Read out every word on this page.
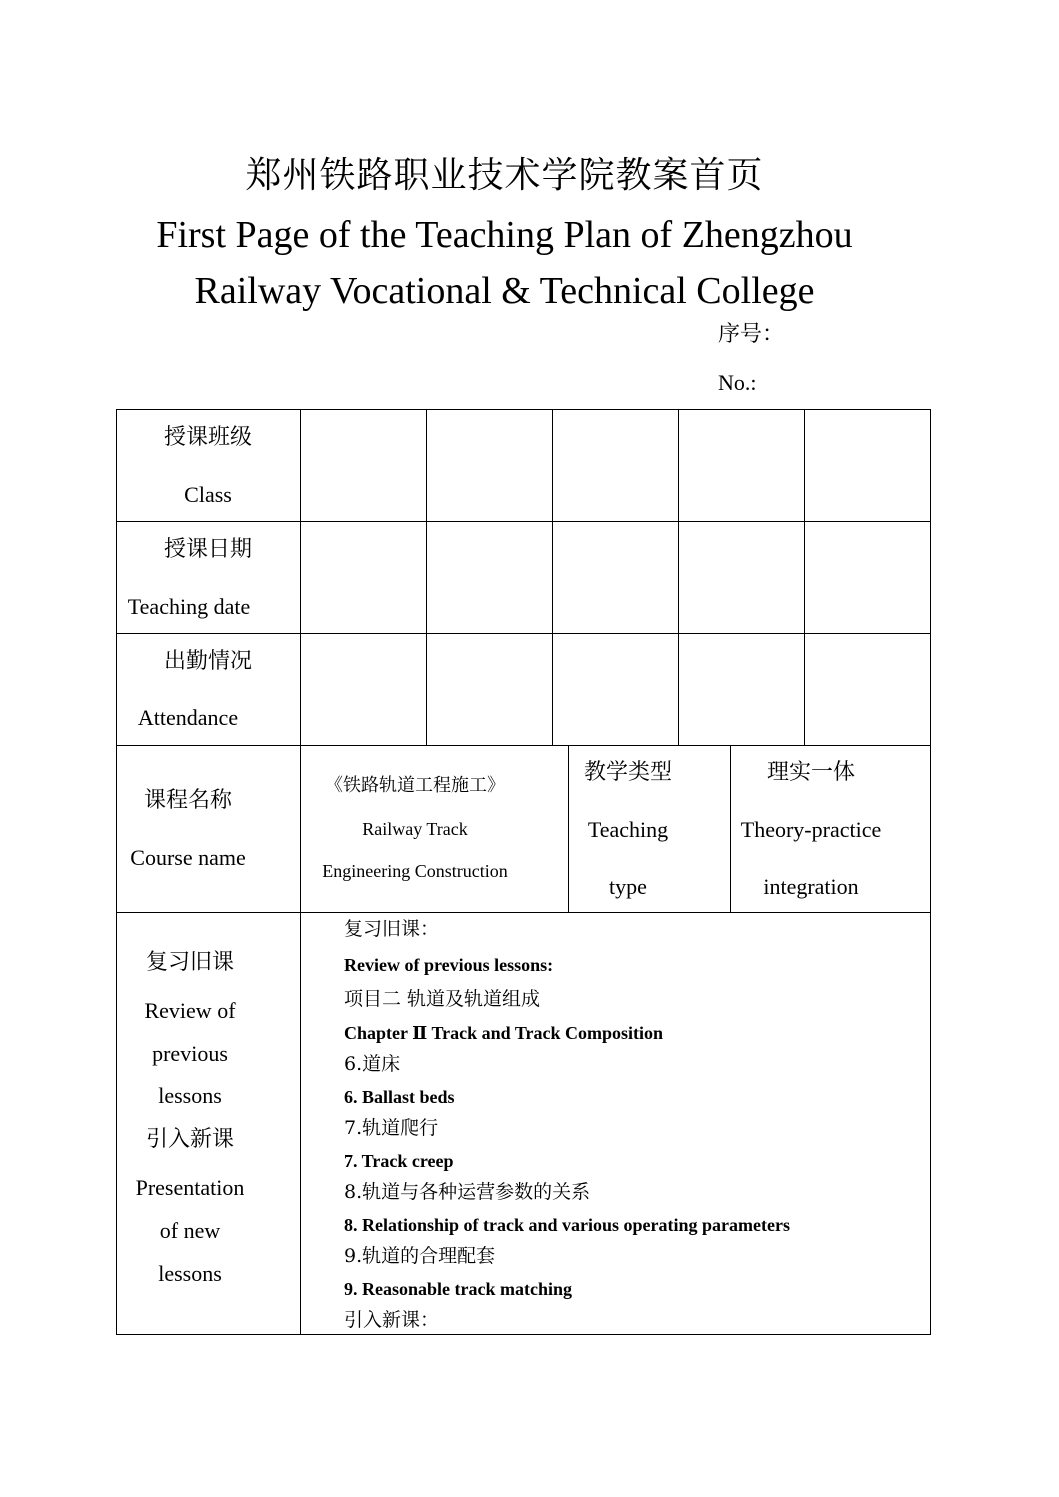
郑州铁路职业技术学院教案首页
First Page of the Teaching Plan of Zhengzhou
Railway Vocational & Technical College
序号：
No.:
授课班级
Class
授课日期
Teaching date
出勤情况
Attendance
课程名称
Course name
《铁路轨道工程施工》
Railway Track
Engineering Construction
教学类型
Teaching
type
理实一体
Theory-practice
integration
复习旧课
Review of
previous
lessons
引入新课
Presentation
of new
lessons
复习旧课：
Review of previous lessons:
项目二 轨道及轨道组成
Chapter Ⅱ Track and Track Composition
6.道床
6. Ballast beds
7.轨道爬行
7. Track creep
8.轨道与各种运营参数的关系
8. Relationship of track and various operating parameters
9.轨道的合理配套
9. Reasonable track matching
引入新课：
